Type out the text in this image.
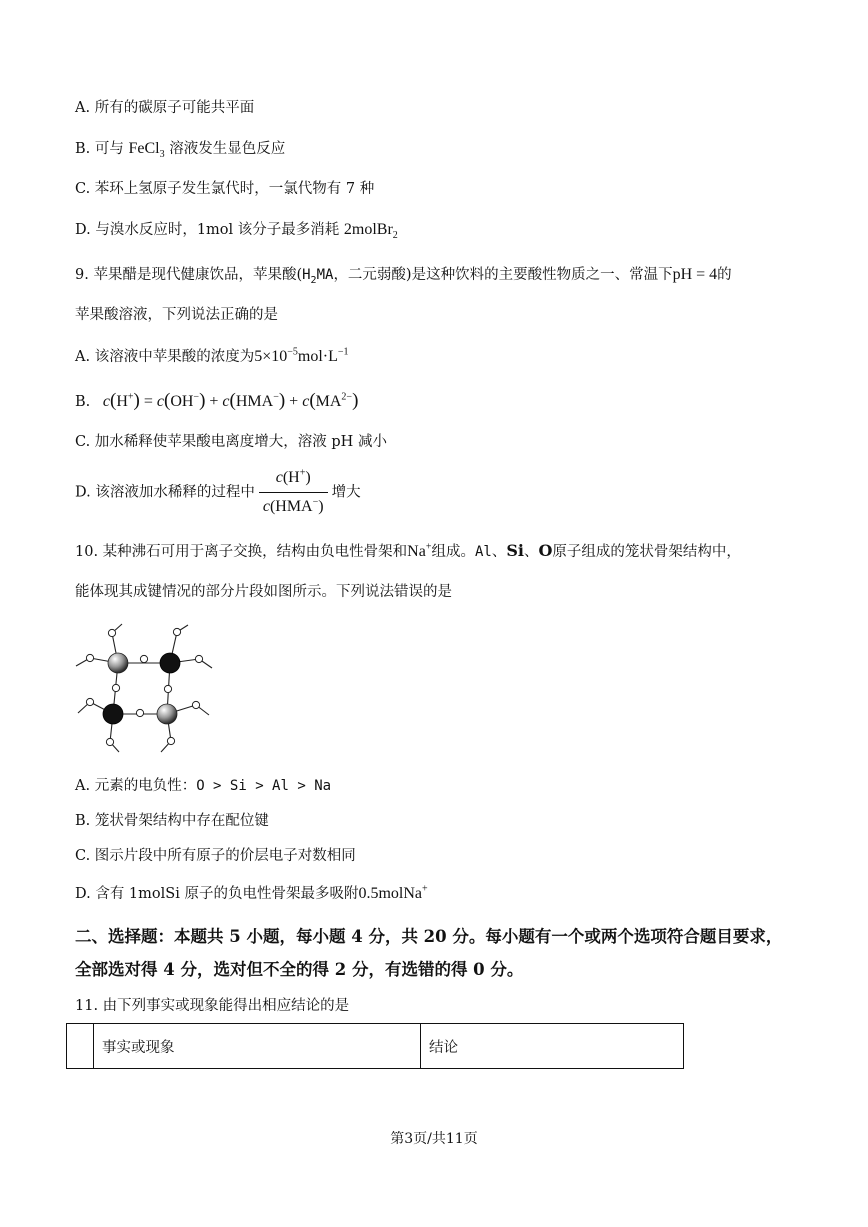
A. 所有的碳原子可能共平面
B. 可与 FeCl$_3$ 溶液发生显色反应
C. 苯环上氢原子发生氯代时，一氯代物有 7 种
D. 与溴水反应时，1mol 该分子最多消耗 2molBr$_2$
9. 苹果醋是现代健康饮品，苹果酸($H_2MA$，二元弱酸)是这种饮料的主要酸性物质之一、常温下pH = 4的
苹果酸溶液，下列说法正确的是
A. 该溶液中苹果酸的浓度为$5\times 10^{-5}mol\cdot L^{-1}$
B. $c(H^+) = c(OH^-) + c(HMA^-) + c(MA^{2-})$
C. 加水稀释使苹果酸电离度增大，溶液 pH 减小
D. 该溶液加水稀释的过程中 $\frac{c(H^+)}{c(HMA^-)}$ 增大
10. 某种沸石可用于离子交换，结构由负电性骨架和Na+组成。Al、Si、O原子组成的笼状骨架结构中，
能体现其成键情况的部分片段如图所示。下列说法错误的是
A. 元素的电负性：O > Si > Al > Na
B. 笼状骨架结构中存在配位键
C. 图示片段中所有原子的价层电子对数相同
D. 含有 1molSi 原子的负电性骨架最多吸附0.5molNa+
二、选择题：本题共 5 小题，每小题 4 分，共 20 分。每小题有一个或两个选项符合题目要求，
全部选对得 4 分，选对但不全的得 2 分，有选错的得 0 分。
11. 由下列事实或现象能得出相应结论的是
	事实或现象	结论
第3页/共11页
